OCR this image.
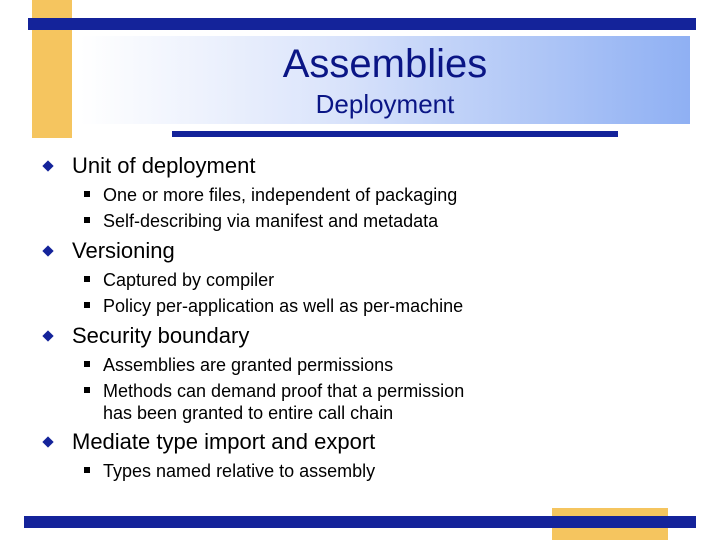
Assemblies
Deployment
Unit of deployment
One or more files, independent of packaging
Self-describing via manifest and metadata
Versioning
Captured by compiler
Policy per-application as well as per-machine
Security boundary
Assemblies are granted permissions
Methods can demand proof that a permission
has been granted to entire call chain
Mediate type import and export
Types named relative to assembly
